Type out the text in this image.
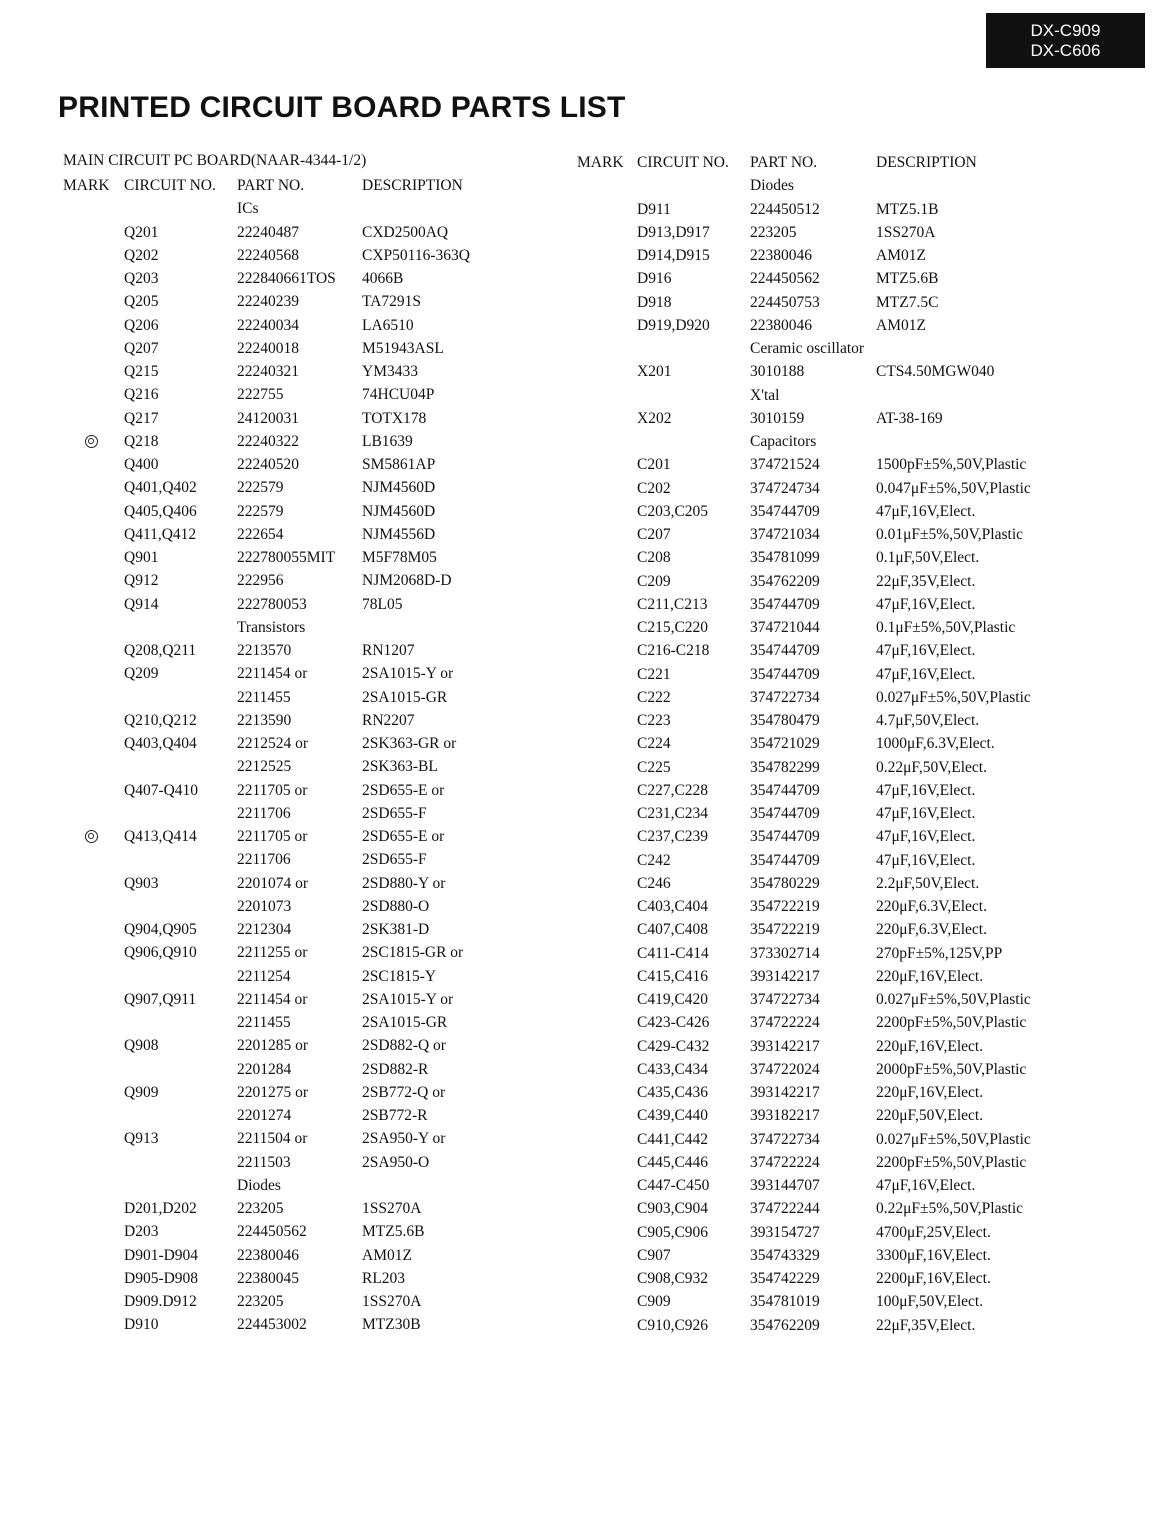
DX-C909
DX-C606
PRINTED CIRCUIT BOARD PARTS LIST
MAIN CIRCUIT PC BOARD(NAAR-4344-1/2)
MARK CIRCUIT NO. PART NO.	DESCRIPTION
ICs
Q201	22240487	CXD2500AQ
Q202	22240568	CXP50116-363Q
Q203	222840661TOS 4066B
Q205	22240239	TA7291S
Q206	22240034	LA6510
Q207	22240018	M51943ASL
Q215	22240321	YM3433
Q216	222755	74HCU04P
Q217	24120031	TOTX178
Q218	22240322	LB1639
Q400	22240520	SM5861AP
Q401,Q402	222579	NJM4560D
Q405,Q406	222579	NJM4560D
Q411,Q412	222654	NJM4556D
Q901	222780055MIT M5F78M05
Q912	222956	NJM2068D-D
Q914	222780053	78L05
Transistors
Q208,Q211	2213570	RN1207
Q209	2211454 or	2SA1015-Y or
2211455	2SA1015-GR
Q210,Q212	2213590	RN2207
Q403,Q404	2212524 or	2SK363-GR or
2212525	2SK363-BL
Q407-Q410	2211705 or	2SD655-E or
2211706	2SD655-F
Q413,Q414	2211705 or	2SD655-E or
2211706	2SD655-F
Q903	2201074 or	2SD880-Y or
2201073	2SD880-O
Q904,Q905	2212304	2SK381-D
Q906,Q910	2211255 or	2SC1815-GR or
2211254	2SC1815-Y
Q907,Q911	2211454 or	2SA1015-Y or
2211455	2SA1015-GR
Q908	2201285 or	2SD882-Q or
2201284	2SD882-R
Q909	2201275 or	2SB772-Q or
2201274	2SB772-R
Q913	2211504 or	2SA950-Y or
2211503	2SA950-O
Diodes
D201,D202	223205	1SS270A
D203	224450562	MTZ5.6B
D901-D904	22380046	AM01Z
D905-D908	22380045	RL203
D909.D912	223205	1SS270A
D910	224453002	MTZ30B
MARK CIRCUIT NO. PART NO.	DESCRIPTION
Diodes
D911	224450512	MTZ5.1B
D913,D917	223205	1SS270A
D914,D915	22380046	AM01Z
D916	224450562	MTZ5.6B
D918	224450753	MTZ7.5C
D919,D920	22380046	AM01Z
Ceramic oscillator
X201	3010188	CTS4.50MGW040
X'tal
X202	3010159	AT-38-169
Capacitors
C201	374721524	1500pF±5%,50V,Plastic
C202	374724734	0.047μF±5%,50V,Plastic
C203,C205	354744709	47μF,16V,Elect.
C207	374721034	0.01μF±5%,50V,Plastic
C208	354781099	0.1μF,50V,Elect.
C209	354762209	22μF,35V,Elect.
C211,C213	354744709	47μF,16V,Elect.
C215,C220	374721044	0.1μF±5%,50V,Plastic
C216-C218	354744709	47μF,16V,Elect.
C221	354744709	47μF,16V,Elect.
C222	374722734	0.027μF±5%,50V,Plastic
C223	354780479	4.7μF,50V,Elect.
C224	354721029	1000μF,6.3V,Elect.
C225	354782299	0.22μF,50V,Elect.
C227,C228	354744709	47μF,16V,Elect.
C231,C234	354744709	47μF,16V,Elect.
C237,C239	354744709	47μF,16V,Elect.
C242	354744709	47μF,16V,Elect.
C246	354780229	2.2μF,50V,Elect.
C403,C404	354722219	220μF,6.3V,Elect.
C407,C408	354722219	220μF,6.3V,Elect.
C411-C414	373302714	270pF±5%,125V,PP
C415,C416	393142217	220μF,16V,Elect.
C419,C420	374722734	0.027μF±5%,50V,Plastic
C423-C426	374722224	2200pF±5%,50V,Plastic
C429-C432	393142217	220μF,16V,Elect.
C433,C434	374722024	2000pF±5%,50V,Plastic
C435,C436	393142217	220μF,16V,Elect.
C439,C440	393182217	220μF,50V,Elect.
C441,C442	374722734	0.027μF±5%,50V,Plastic
C445,C446	374722224	2200pF±5%,50V,Plastic
C447-C450	393144707	47μF,16V,Elect.
C903,C904	374722244	0.22μF±5%,50V,Plastic
C905,C906	393154727	4700μF,25V,Elect.
C907	354743329	3300μF,16V,Elect.
C908,C932	354742229	2200μF,16V,Elect.
C909	354781019	100μF,50V,Elect.
C910,C926	354762209	22μF,35V,Elect.
